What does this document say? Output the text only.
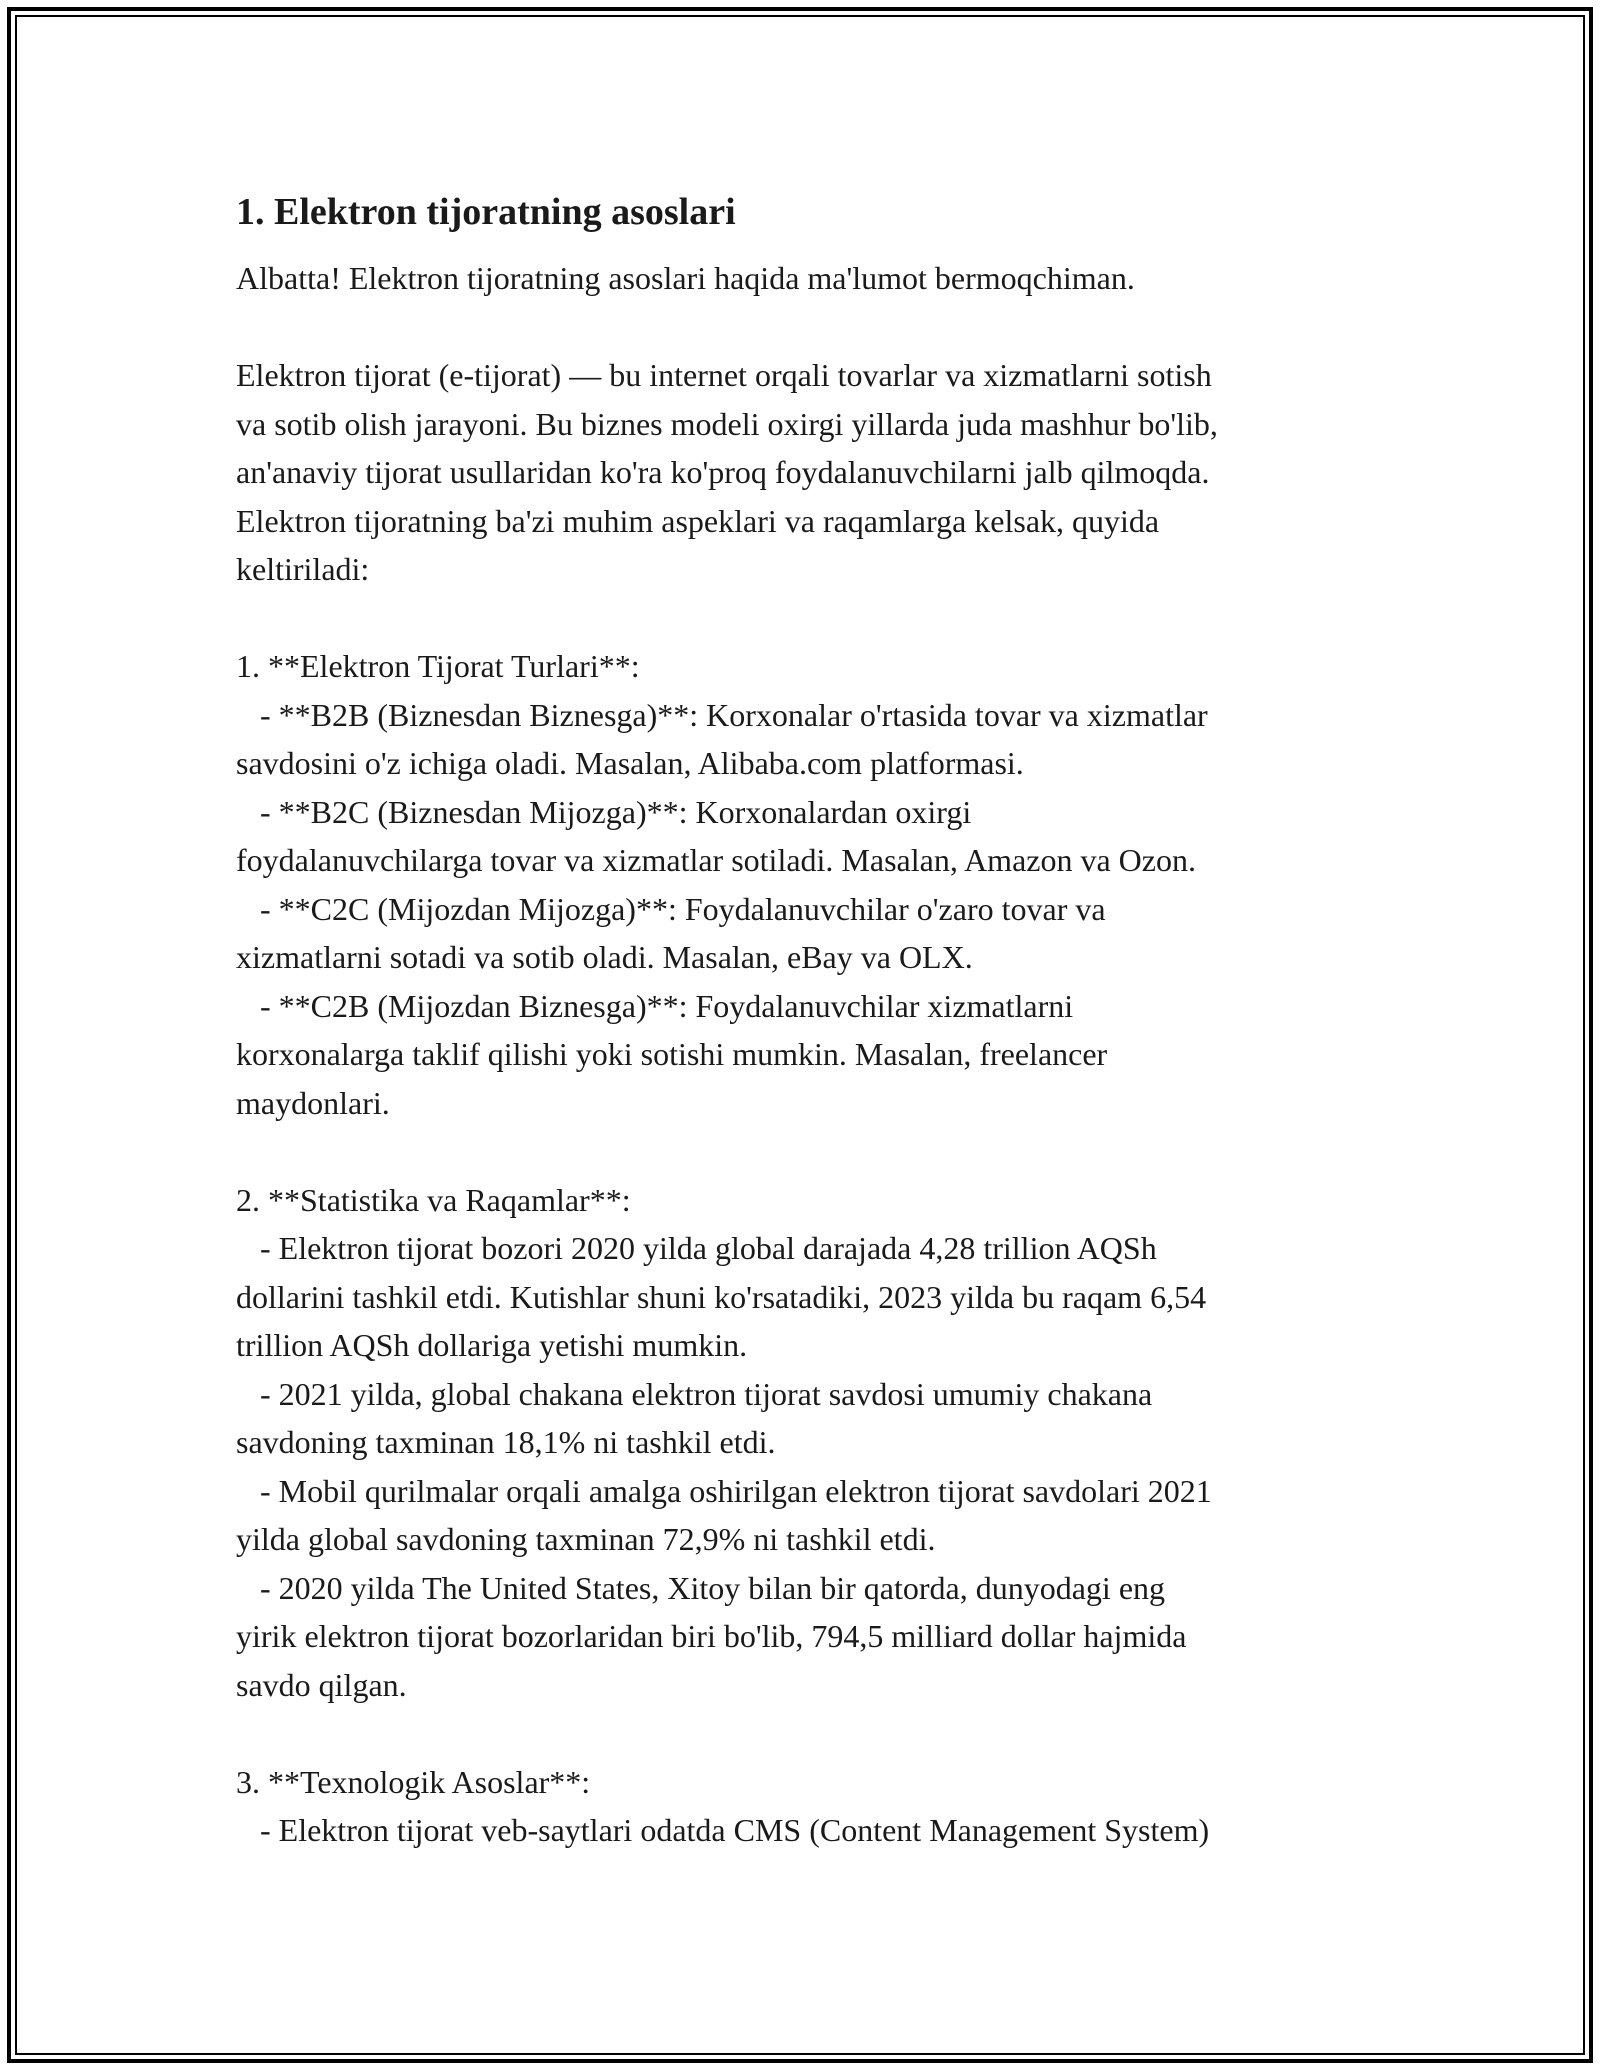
1. Elektron tijoratning asoslari
Albatta! Elektron tijoratning asoslari haqida ma'lumot bermoqchiman.
Elektron tijorat (e-tijorat) — bu internet orqali tovarlar va xizmatlarni sotish
va sotib olish jarayoni. Bu biznes modeli oxirgi yillarda juda mashhur bo'lib,
an'anaviy tijorat usullaridan ko'ra ko'proq foydalanuvchilarni jalb qilmoqda.
Elektron tijoratning ba'zi muhim aspeklari va raqamlarga kelsak, quyida
keltiriladi:
1. **Elektron Tijorat Turlari**:
- **B2B (Biznesdan Biznesga)**: Korxonalar o'rtasida tovar va xizmatlar
savdosini o'z ichiga oladi. Masalan, Alibaba.com platformasi.
- **B2C (Biznesdan Mijozga)**: Korxonalardan oxirgi
foydalanuvchilarga tovar va xizmatlar sotiladi. Masalan, Amazon va Ozon.
- **C2C (Mijozdan Mijozga)**: Foydalanuvchilar o'zaro tovar va
xizmatlarni sotadi va sotib oladi. Masalan, eBay va OLX.
- **C2B (Mijozdan Biznesga)**: Foydalanuvchilar xizmatlarni
korxonalarga taklif qilishi yoki sotishi mumkin. Masalan, freelancer
maydonlari.
2. **Statistika va Raqamlar**:
- Elektron tijorat bozori 2020 yilda global darajada 4,28 trillion AQSh
dollarini tashkil etdi. Kutishlar shuni ko'rsatadiki, 2023 yilda bu raqam 6,54
trillion AQSh dollariga yetishi mumkin.
- 2021 yilda, global chakana elektron tijorat savdosi umumiy chakana
savdoning taxminan 18,1% ni tashkil etdi.
- Mobil qurilmalar orqali amalga oshirilgan elektron tijorat savdolari 2021
yilda global savdoning taxminan 72,9% ni tashkil etdi.
- 2020 yilda The United States, Xitoy bilan bir qatorda, dunyodagi eng
yirik elektron tijorat bozorlaridan biri bo'lib, 794,5 milliard dollar hajmida
savdo qilgan.
3. **Texnologik Asoslar**:
- Elektron tijorat veb-saytlari odatda CMS (Content Management System)
